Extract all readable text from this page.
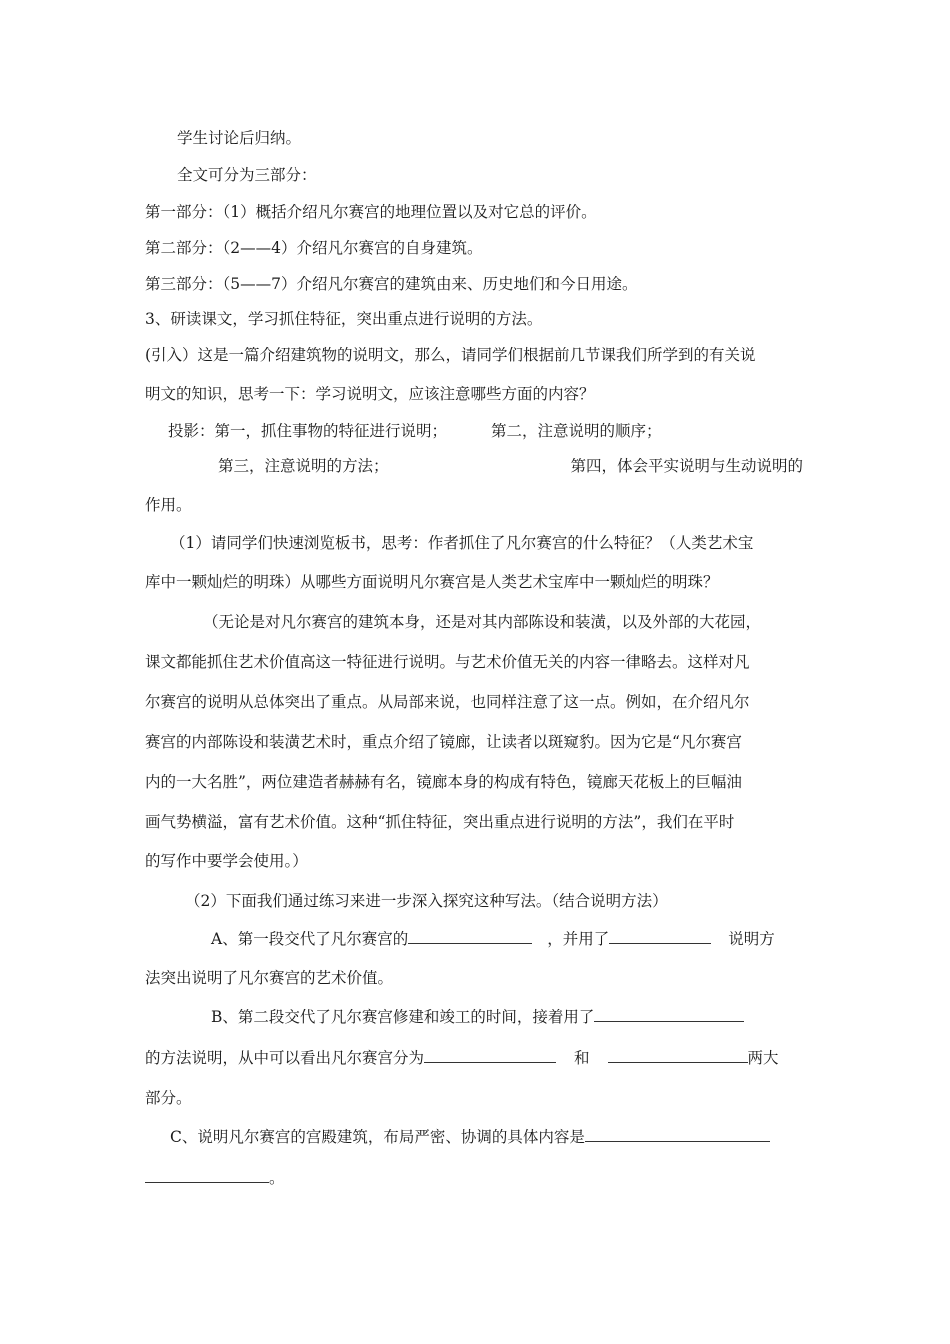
学生讨论后归纳。

全文可分为三部分：

第一部分：（1）概括介绍凡尔赛宫的地理位置以及对它总的评价。

第二部分：（2——4）介绍凡尔赛宫的自身建筑。

第三部分：（5——7）介绍凡尔赛宫的建筑由来、历史地们和今日用途。

3、研读课文，学习抓住特征，突出重点进行说明的方法。

(引入）这是一篇介绍建筑物的说明文，那么，请同学们根据前几节课我们所学到的有关说

明文的知识，思考一下：学习说明文，应该注意哪些方面的内容？

投影：第一，抓住事物的特征进行说明；	第二，注意说明的顺序；

第三，注意说明的方法；	第四，体会平实说明与生动说明的

作用。

（1）请同学们快速浏览板书，思考：作者抓住了凡尔赛宫的什么特征？（人类艺术宝

库中一颗灿烂的明珠）从哪些方面说明凡尔赛宫是人类艺术宝库中一颗灿烂的明珠？

（无论是对凡尔赛宫的建筑本身，还是对其内部陈设和装潢，以及外部的大花园，

课文都能抓住艺术价值高这一特征进行说明。与艺术价值无关的内容一律略去。这样对凡

尔赛宫的说明从总体突出了重点。从局部来说，也同样注意了这一点。例如，在介绍凡尔

赛宫的内部陈设和装潢艺术时，重点介绍了镜廊，让读者以斑窥豹。因为它是“凡尔赛宫

内的一大名胜”，两位建造者赫赫有名，镜廊本身的构成有特色，镜廊天花板上的巨幅油

画气势横溢，富有艺术价值。这种“抓住特征，突出重点进行说明的方法”，我们在平时

的写作中要学会使用。）

（2）下面我们通过练习来进一步深入探究这种写法。（结合说明方法）

A、第一段交代了凡尔赛宫的	，并用了	说明方

法突出说明了凡尔赛宫的艺术价值。

B、第二段交代了凡尔赛宫修建和竣工的时间，接着用了

的方法说明，从中可以看出凡尔赛宫分为	和	两大

部分。

C、说明凡尔赛宫的宫殿建筑，布局严密、协调的具体内容是

。
